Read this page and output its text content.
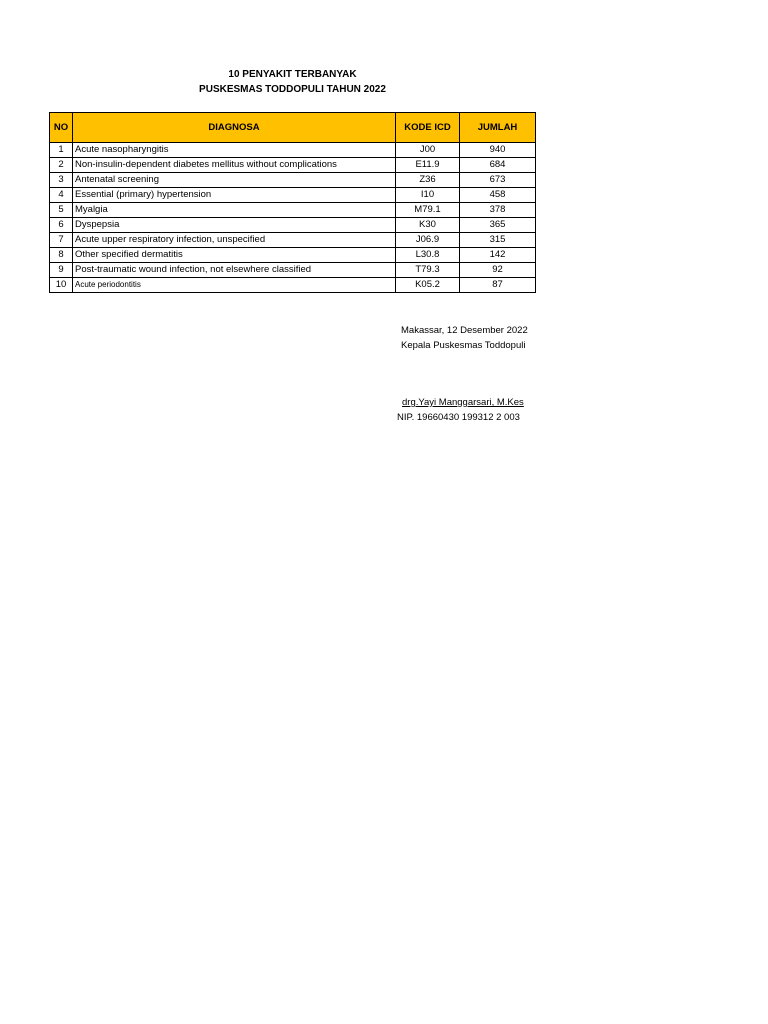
10 PENYAKIT TERBANYAK
PUSKESMAS TODDOPULI TAHUN 2022
NO	DIAGNOSA	KODE ICD	JUMLAH
1	Acute nasopharyngitis	J00	940
2	Non-insulin-dependent diabetes mellitus without complications	E11.9	684
3	Antenatal screening	Z36	673
4	Essential (primary) hypertension	I10	458
5	Myalgia	M79.1	378
6	Dyspepsia	K30	365
7	Acute upper respiratory infection, unspecified	J06.9	315
8	Other specified dermatitis	L30.8	142
9	Post-traumatic wound infection, not elsewhere classified	T79.3	92
10	Acute periodontitis	K05.2	87
Makassar, 12 Desember 2022
Kepala Puskesmas Toddopuli
drg.Yayi Manggarsari, M.Kes
NIP. 19660430 199312 2 003
